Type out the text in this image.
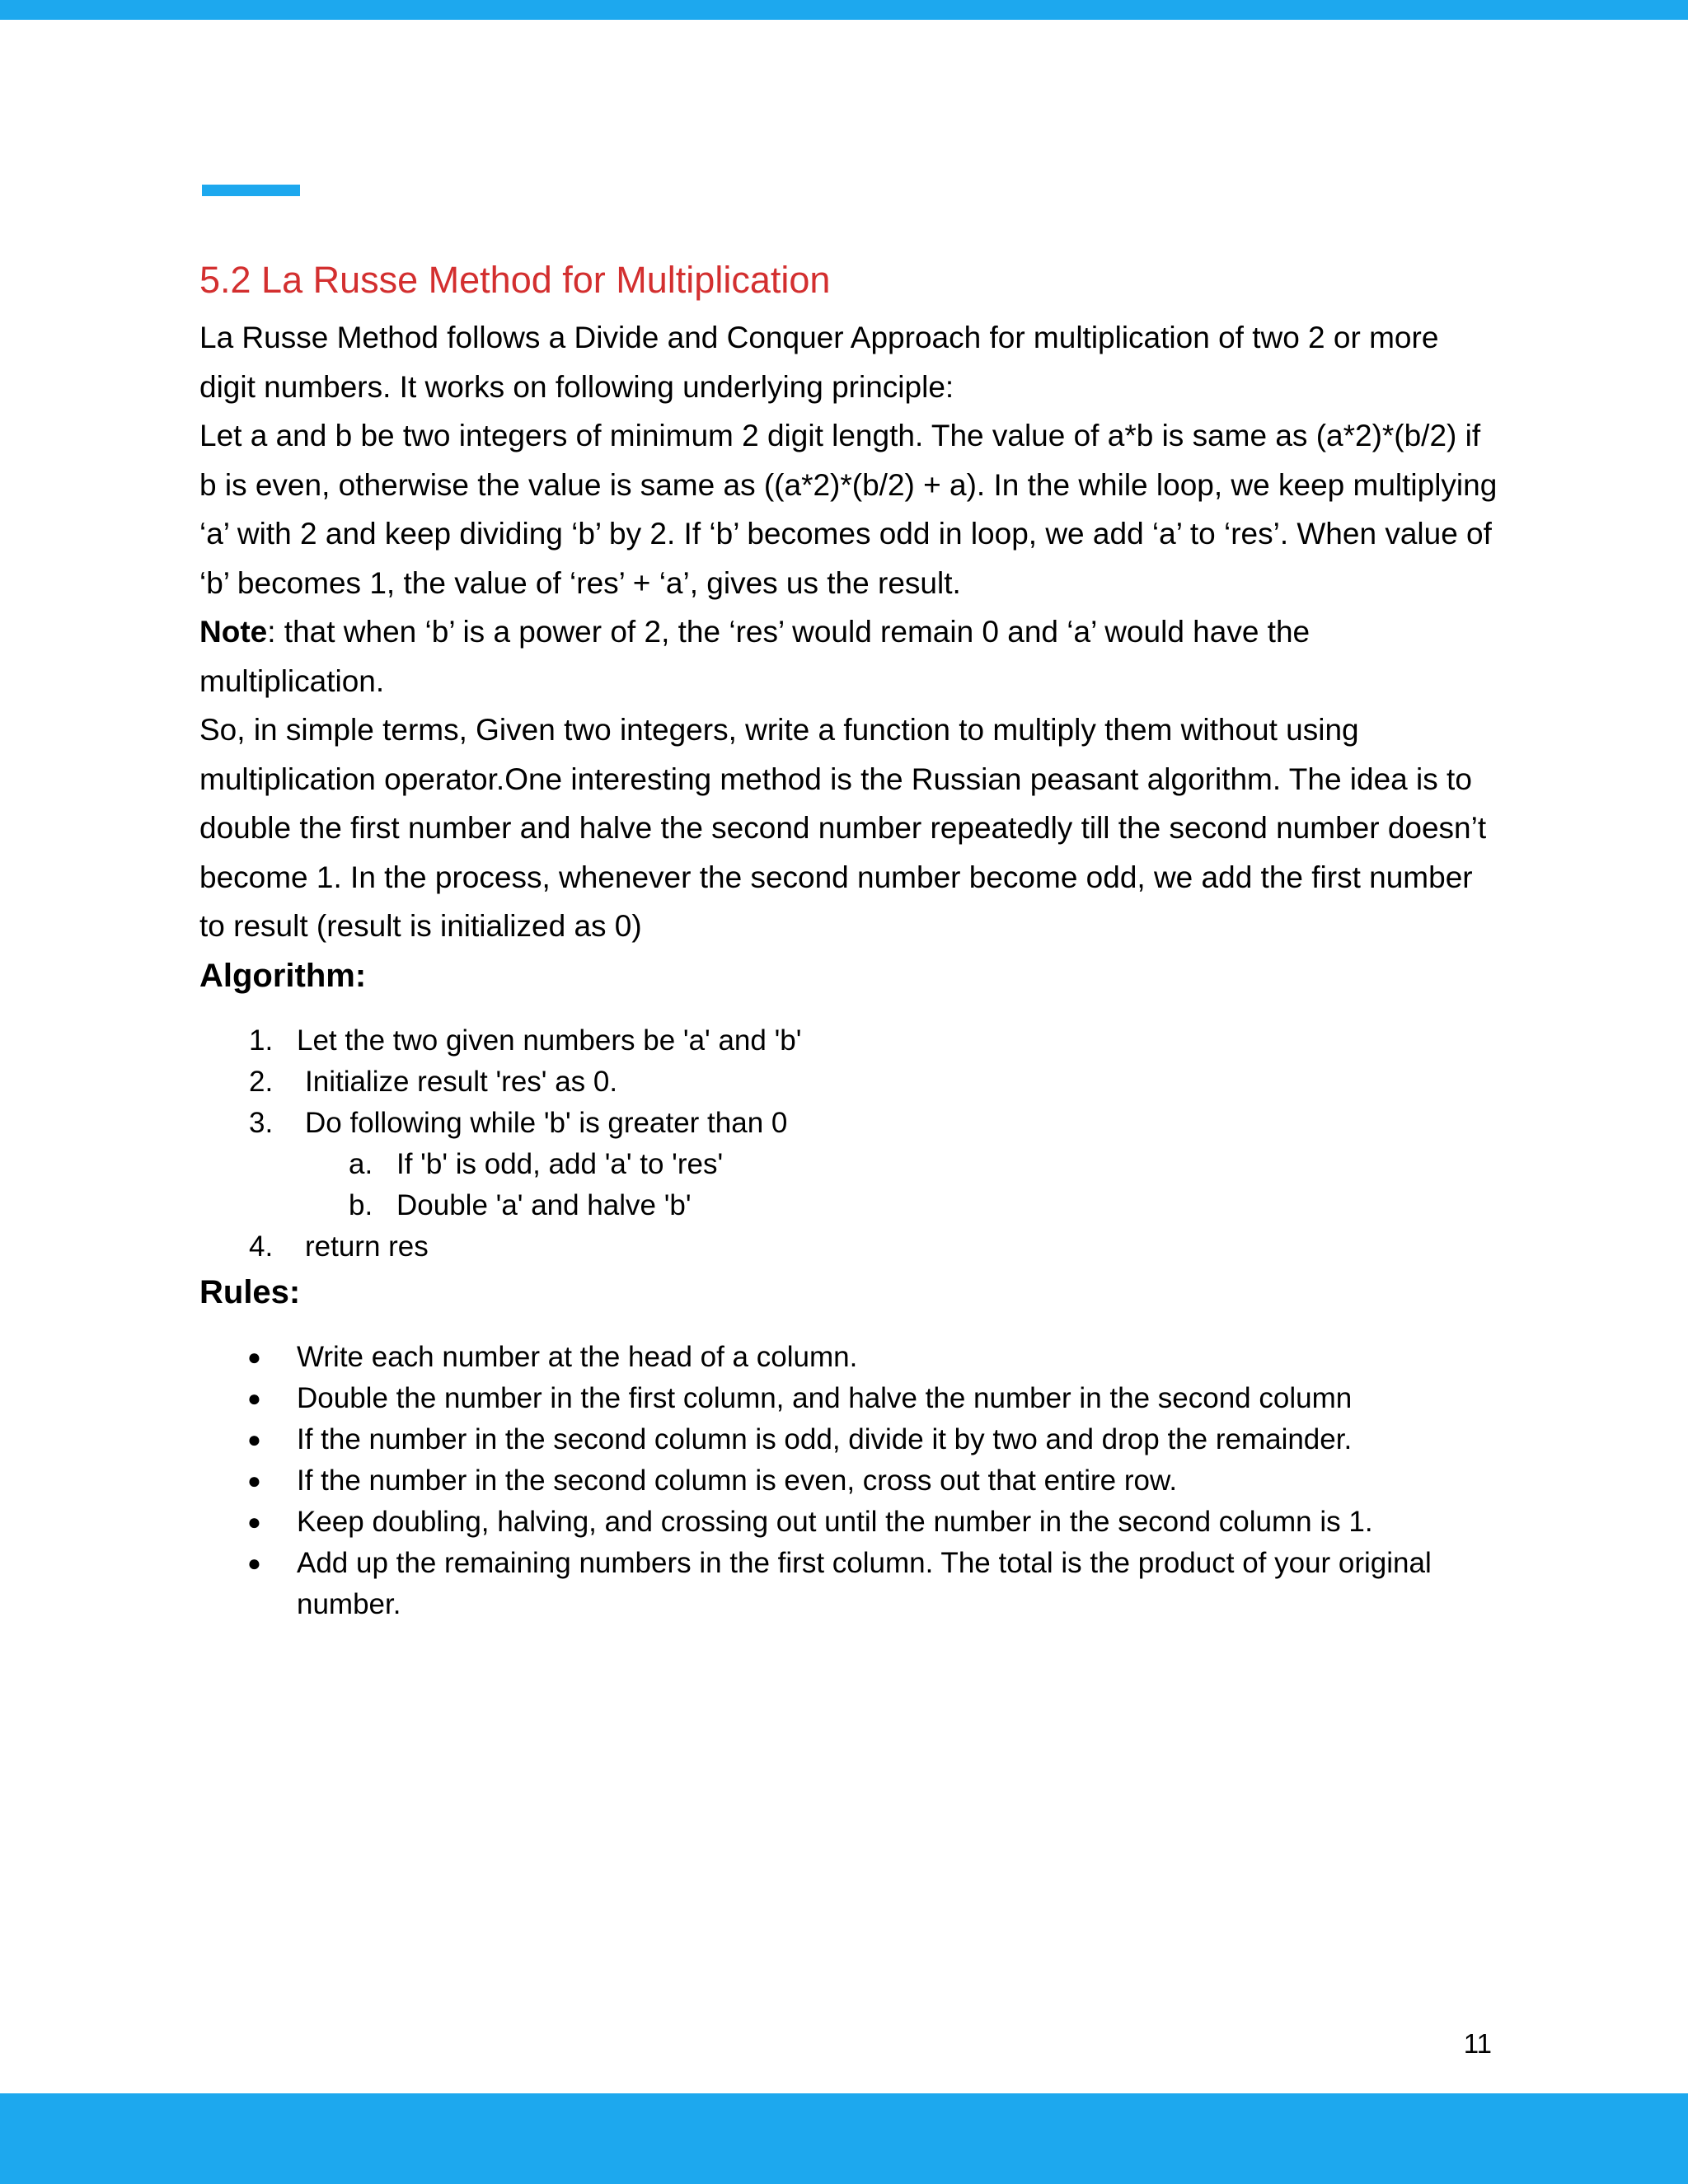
5.2 La Russe Method for Multiplication

La Russe Method follows a Divide and Conquer Approach for multiplication of two 2 or more digit numbers. It works on following underlying principle:

Let a and b be two integers of minimum 2 digit length. The value of a*b is same as (a*2)*(b/2) if b is even, otherwise the value is same as ((a*2)*(b/2) + a). In the while loop, we keep multiplying ‘a’ with 2 and keep dividing ‘b’ by 2. If ‘b’ becomes odd in loop, we add ‘a’ to ‘res’. When value of ‘b’ becomes 1, the value of ‘res’ + ‘a’, gives us the result.

Note: that when ‘b’ is a power of 2, the ‘res’ would remain 0 and ‘a’ would have the multiplication.

So, in simple terms, Given two integers, write a function to multiply them without using multiplication operator.One interesting method is the Russian peasant algorithm. The idea is to double the first number and halve the second number repeatedly till the second number doesn’t become 1. In the process, whenever the second number become odd, we add the first number to result (result is initialized as 0)

Algorithm:
1. Let the two given numbers be 'a' and 'b'
2.	Initialize result 'res' as 0.
3.	Do following while 'b' is greater than 0
a. If 'b' is odd, add 'a' to 'res'
b. Double 'a' and halve 'b'
4.	return res
Rules:
●	Write each number at the head of a column.
●	Double the number in the first column, and halve the number in the second column
●	If the number in the second column is odd, divide it by two and drop the remainder.
●	If the number in the second column is even, cross out that entire row.
●	Keep doubling, halving, and crossing out until the number in the second column is 1.
●	Add up the remaining numbers in the first column. The total is the product of your original number.
11
